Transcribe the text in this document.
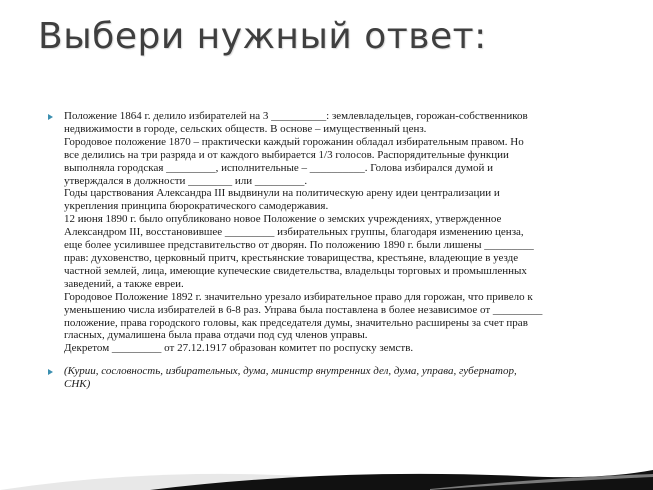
Выбери нужный ответ:

Положение 1864 г. делило избирателей на 3 __________: землевладельцев, горожан-собственников
недвижимости в городе, сельских обществ. В основе – имущественный ценз.
Городовое положение 1870 – практически каждый горожанин обладал избирательным правом. Но
все делились на три разряда и от каждого выбирается 1/3 голосов. Распорядительные функции
выполняла городская _________, исполнительные – __________. Голова избирался думой и
утверждался в должности ________ или _________.
Годы царствования Александра III выдвинули на политическую арену идеи централизации и
укрепления принципа бюрократического самодержавия.
12 июня 1890 г. было опубликовано новое Положение о земских учреждениях, утвержденное
Александром III, восстановившее _________ избирательных группы, благодаря изменению ценза,
еще более усилившее представительство от дворян. По положению 1890 г. были лишены _________
прав: духовенство, церковный притч, крестьянские товарищества, крестьяне, владеющие в уезде
частной землей, лица, имеющие купеческие свидетельства, владельцы торговых и промышленных
заведений, а также евреи.
Городовое Положение 1892 г. значительно урезало избирательное право для горожан, что привело к
уменьшению числа избирателей в 6-8 раз. Управа была поставлена в более независимое от _________
положение, права городского головы, как председателя думы, значительно расширены за счет прав
гласных, думалишена была права отдачи под суд членов управы.
Декретом _________ от 27.12.1917 образован комитет по роспуску земств.

(Курии, сословность, избирательных, дума, министр внутренних дел, дума, управа, губернатор,
СНК)
